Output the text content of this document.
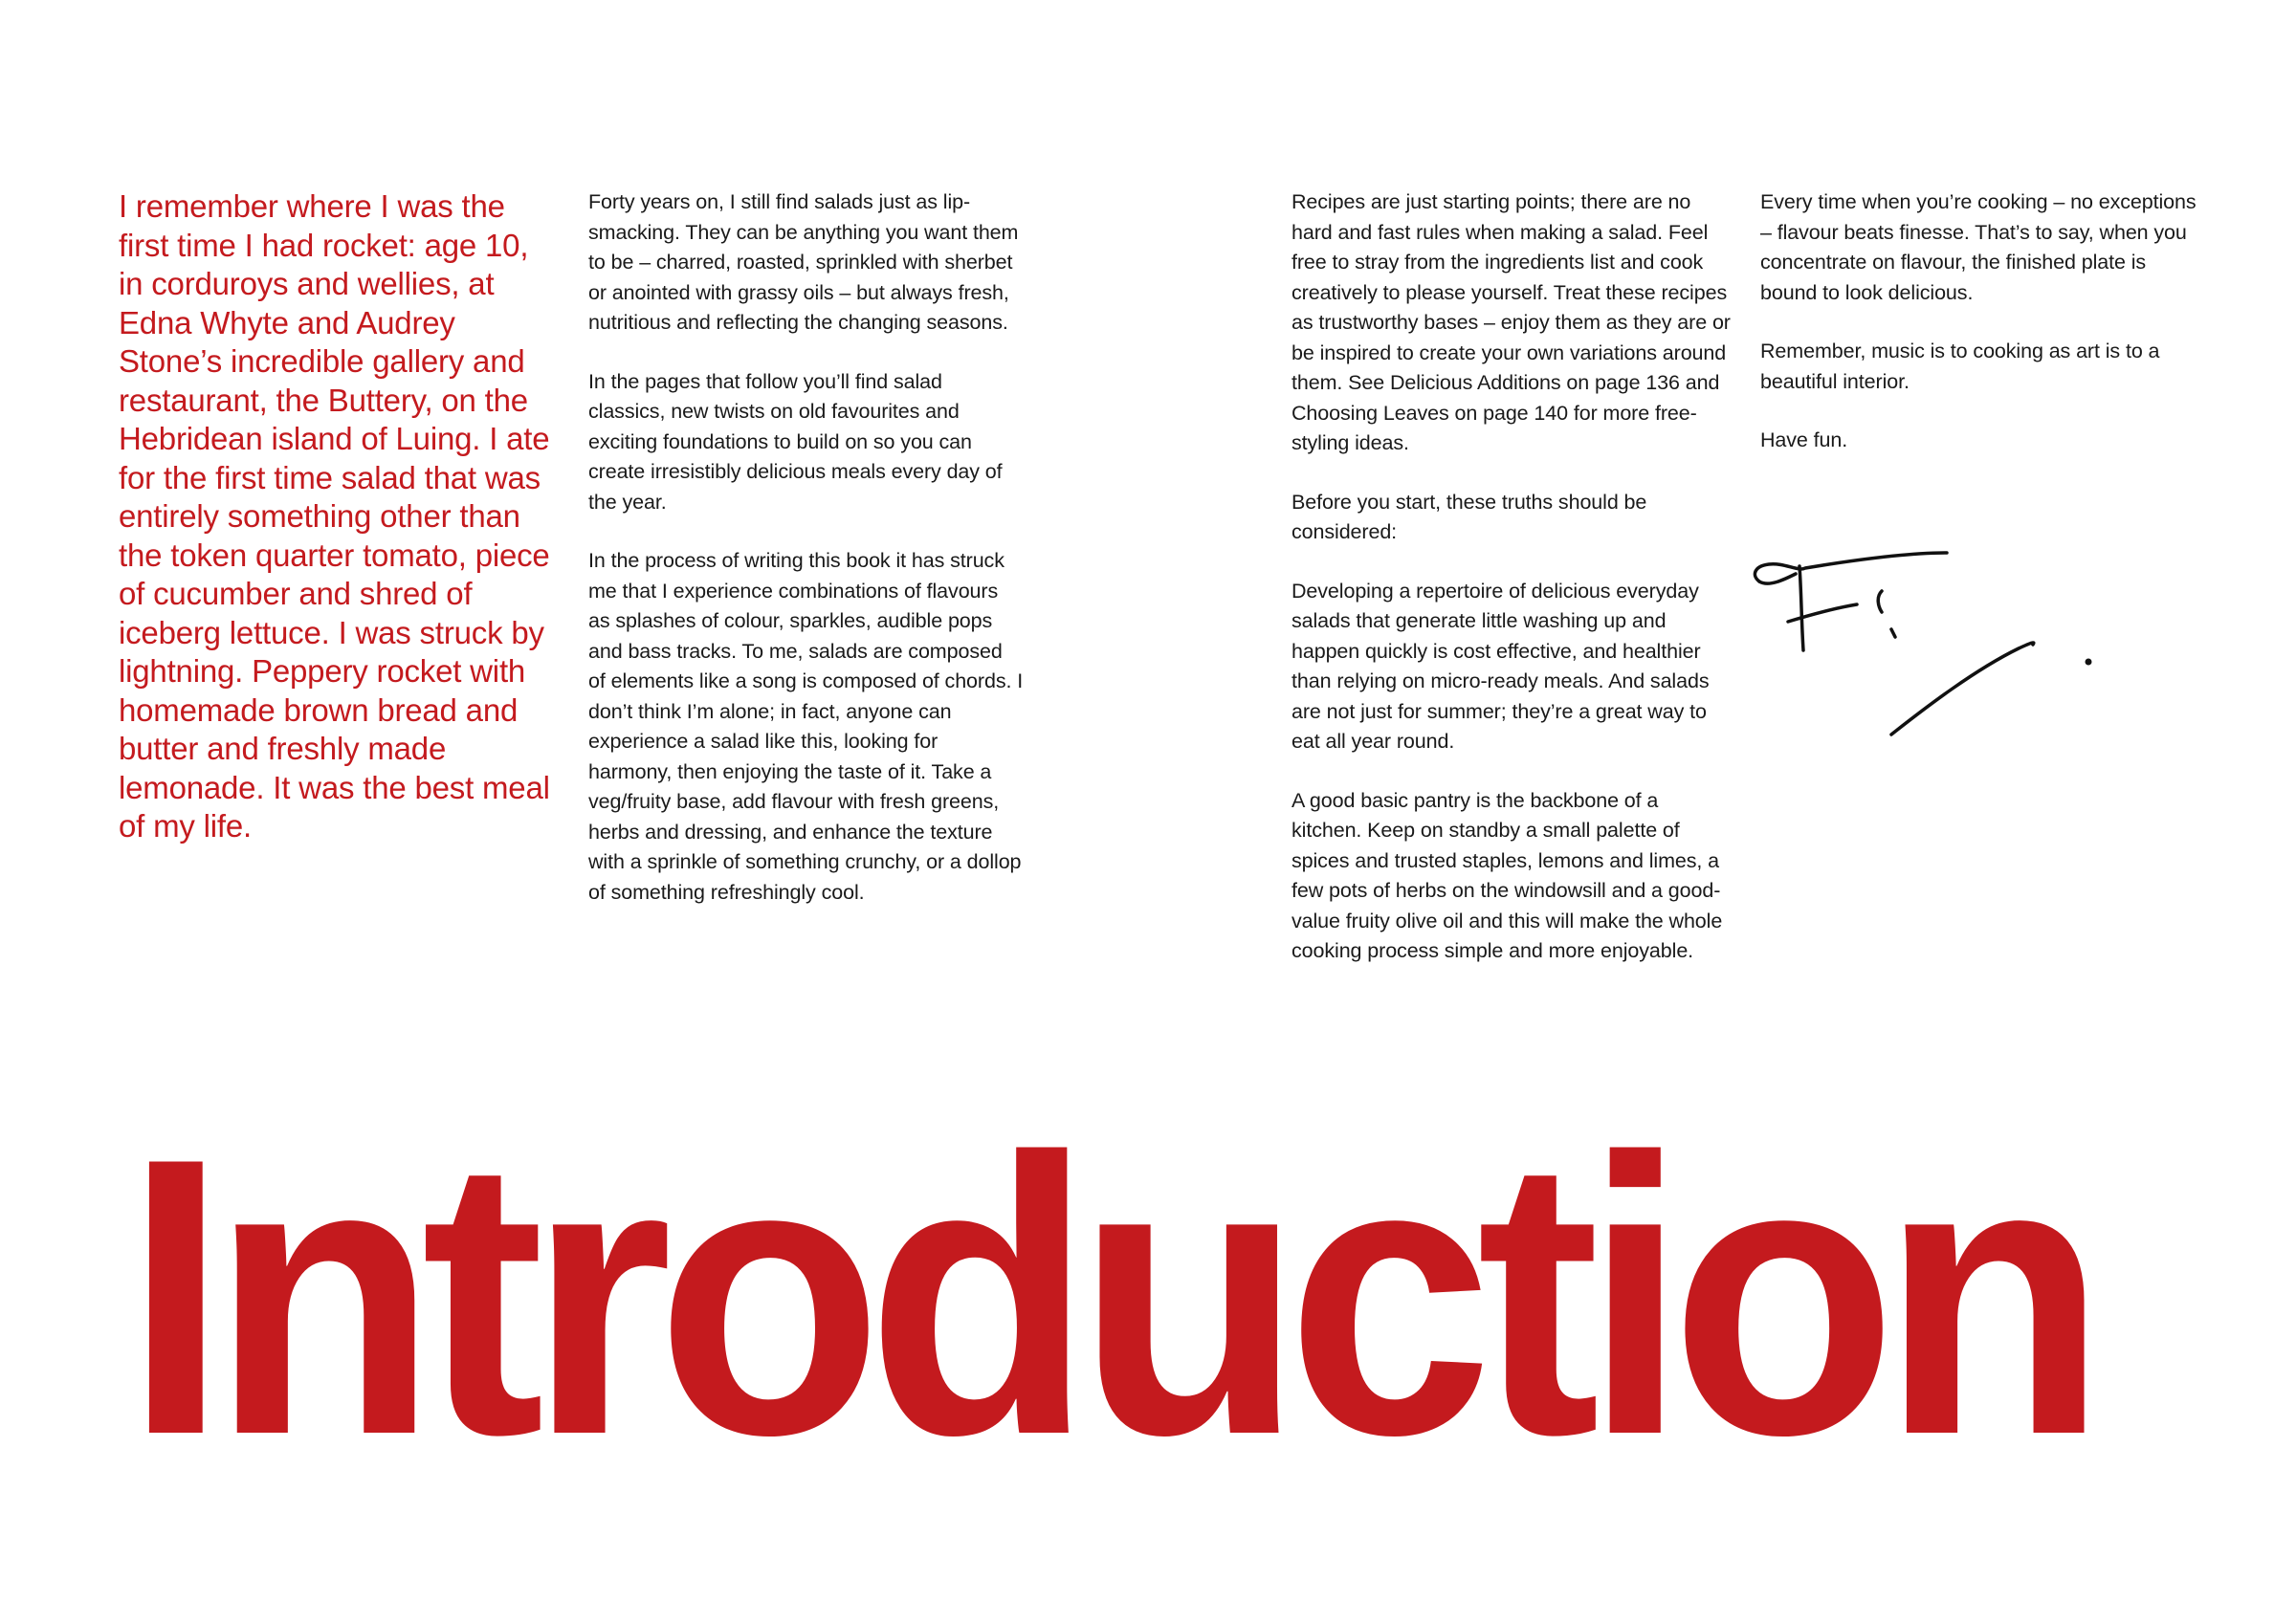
I remember where I was the first time I had rocket: age 10, in corduroys and wellies, at Edna Whyte and Audrey Stone’s incredible gallery and restaurant, the Buttery, on the Hebridean island of Luing. I ate for the first time salad that was entirely something other than the token quarter tomato, piece of cucumber and shred of iceberg lettuce. I was struck by lightning. Peppery rocket with homemade brown bread and butter and freshly made lemonade. It was the best meal of my life.

Forty years on, I still find salads just as lip-smacking. They can be anything you want them to be – charred, roasted, sprinkled with sherbet or anointed with grassy oils – but always fresh, nutritious and reflecting the changing seasons.

In the pages that follow you’ll find salad classics, new twists on old favourites and exciting foundations to build on so you can create irresistibly delicious meals every day of the year.

In the process of writing this book it has struck me that I experience combinations of flavours as splashes of colour, sparkles, audible pops and bass tracks. To me, salads are composed of elements like a song is composed of chords. I don’t think I’m alone; in fact, anyone can experience a salad like this, looking for harmony, then enjoying the taste of it. Take a veg/fruity base, add flavour with fresh greens, herbs and dressing, and enhance the texture with a sprinkle of something crunchy, or a dollop of something refreshingly cool.

Recipes are just starting points; there are no hard and fast rules when making a salad. Feel free to stray from the ingredients list and cook creatively to please yourself. Treat these recipes as trustworthy bases – enjoy them as they are or be inspired to create your own variations around them. See Delicious Additions on page 136 and Choosing Leaves on page 140 for more free-styling ideas.

Before you start, these truths should be considered:

Developing a repertoire of delicious everyday salads that generate little washing up and happen quickly is cost effective, and healthier than relying on micro-ready meals. And salads are not just for summer; they’re a great way to eat all year round.

A good basic pantry is the backbone of a kitchen. Keep on standby a small palette of spices and trusted staples, lemons and limes, a few pots of herbs on the windowsill and a good-value fruity olive oil and this will make the whole cooking process simple and more enjoyable.

Every time when you’re cooking – no exceptions – flavour beats finesse. That’s to say, when you concentrate on flavour, the finished plate is bound to look delicious.

Remember, music is to cooking as art is to a beautiful interior.

Have fun.

Introduction
